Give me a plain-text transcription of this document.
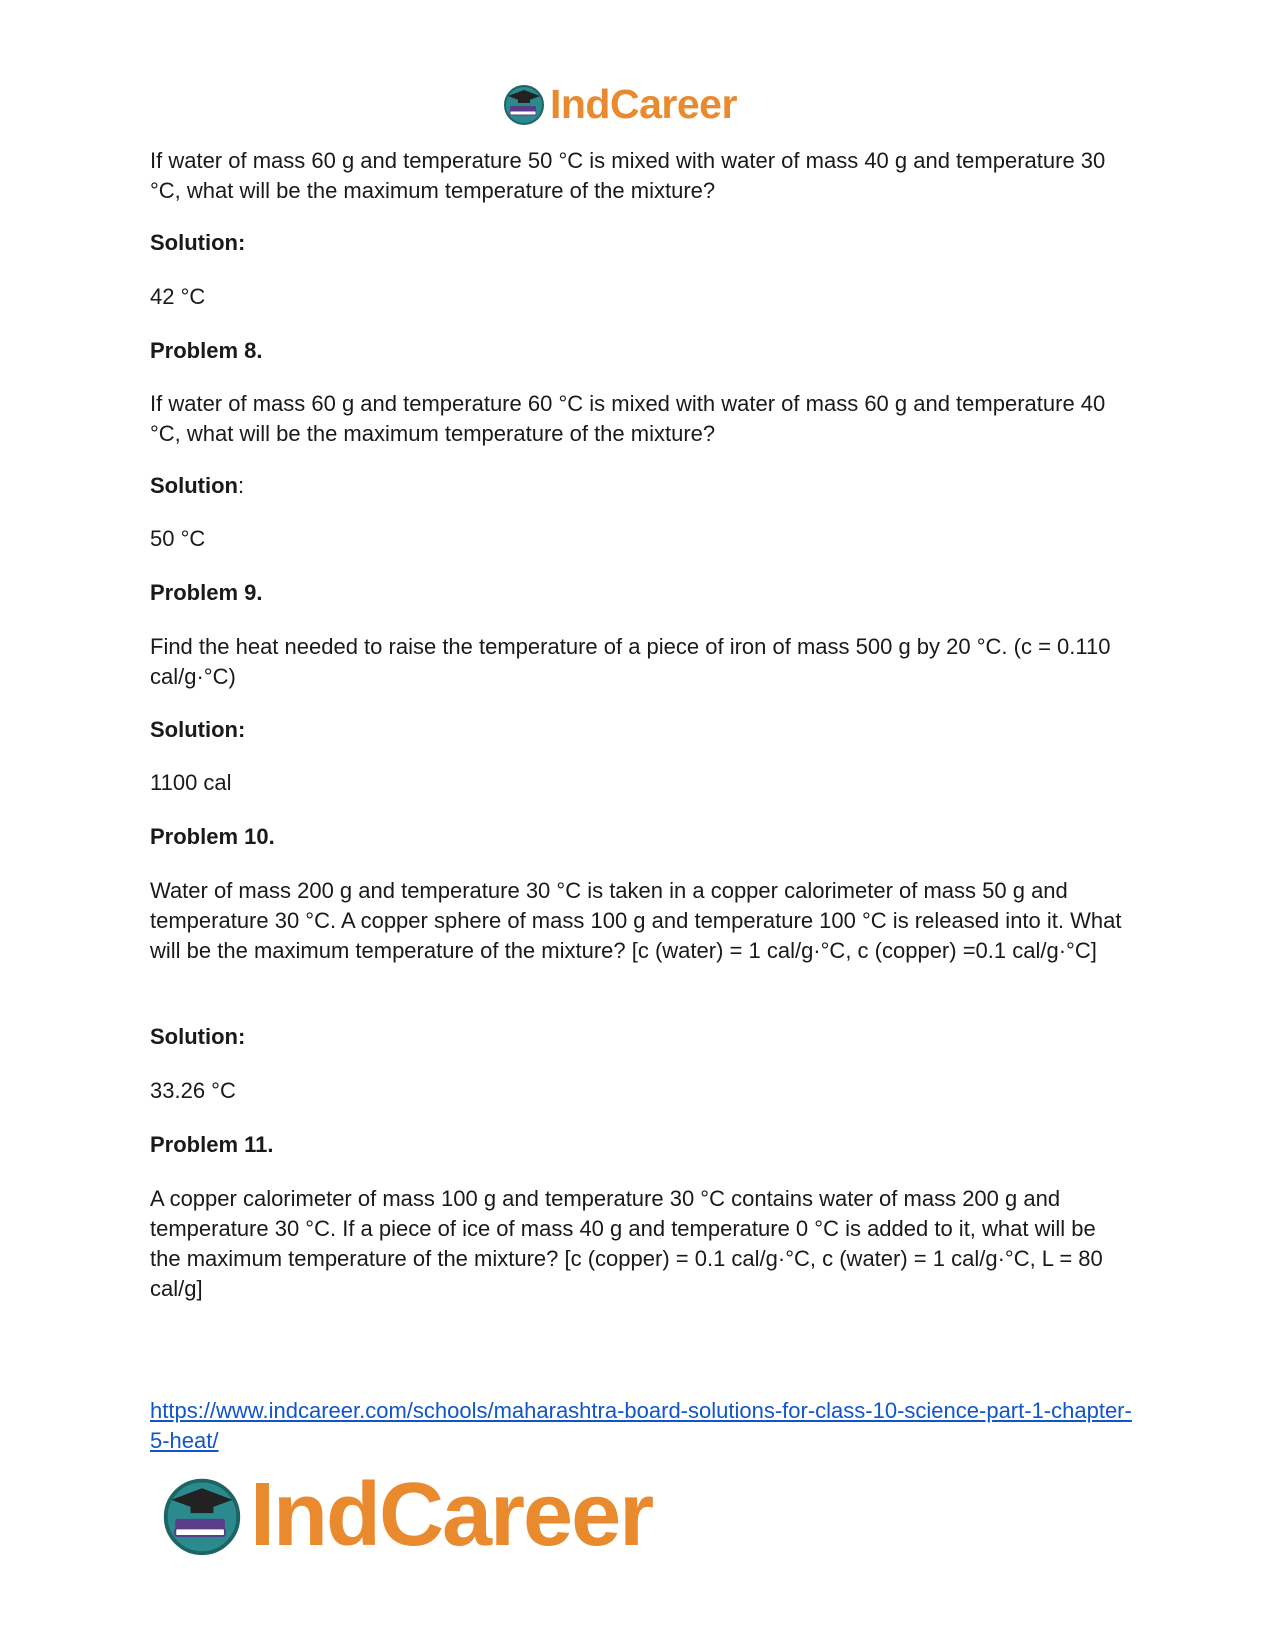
IndCareer

If water of mass 60 g and temperature 50 °C is mixed with water of mass 40 g and temperature 30 °C, what will be the maximum temperature of the mixture?

Solution:

42 °C

Problem 8.

If water of mass 60 g and temperature 60 °C is mixed with water of mass 60 g and temperature 40 °C, what will be the maximum temperature of the mixture?

Solution:

50 °C

Problem 9.

Find the heat needed to raise the temperature of a piece of iron of mass 500 g by 20 °C. (c = 0.110 cal/g·°C)

Solution:

1100 cal

Problem 10.

Water of mass 200 g and temperature 30 °C is taken in a copper calorimeter of mass 50 g and temperature 30 °C. A copper sphere of mass 100 g and temperature 100 °C is released into it. What will be the maximum temperature of the mixture? [c (water) = 1 cal/g·°C, c (copper) =0.1 cal/g·°C]

Solution:

33.26 °C

Problem 11.

A copper calorimeter of mass 100 g and temperature 30 °C contains water of mass 200 g and temperature 30 °C. If a piece of ice of mass 40 g and temperature 0 °C is added to it, what will be the maximum temperature of the mixture? [c (copper) = 0.1 cal/g·°C, c (water) = 1 cal/g·°C, L = 80 cal/g]

https://www.indcareer.com/schools/maharashtra-board-solutions-for-class-10-science-part-1-chapter-5-heat/
IndCareer
